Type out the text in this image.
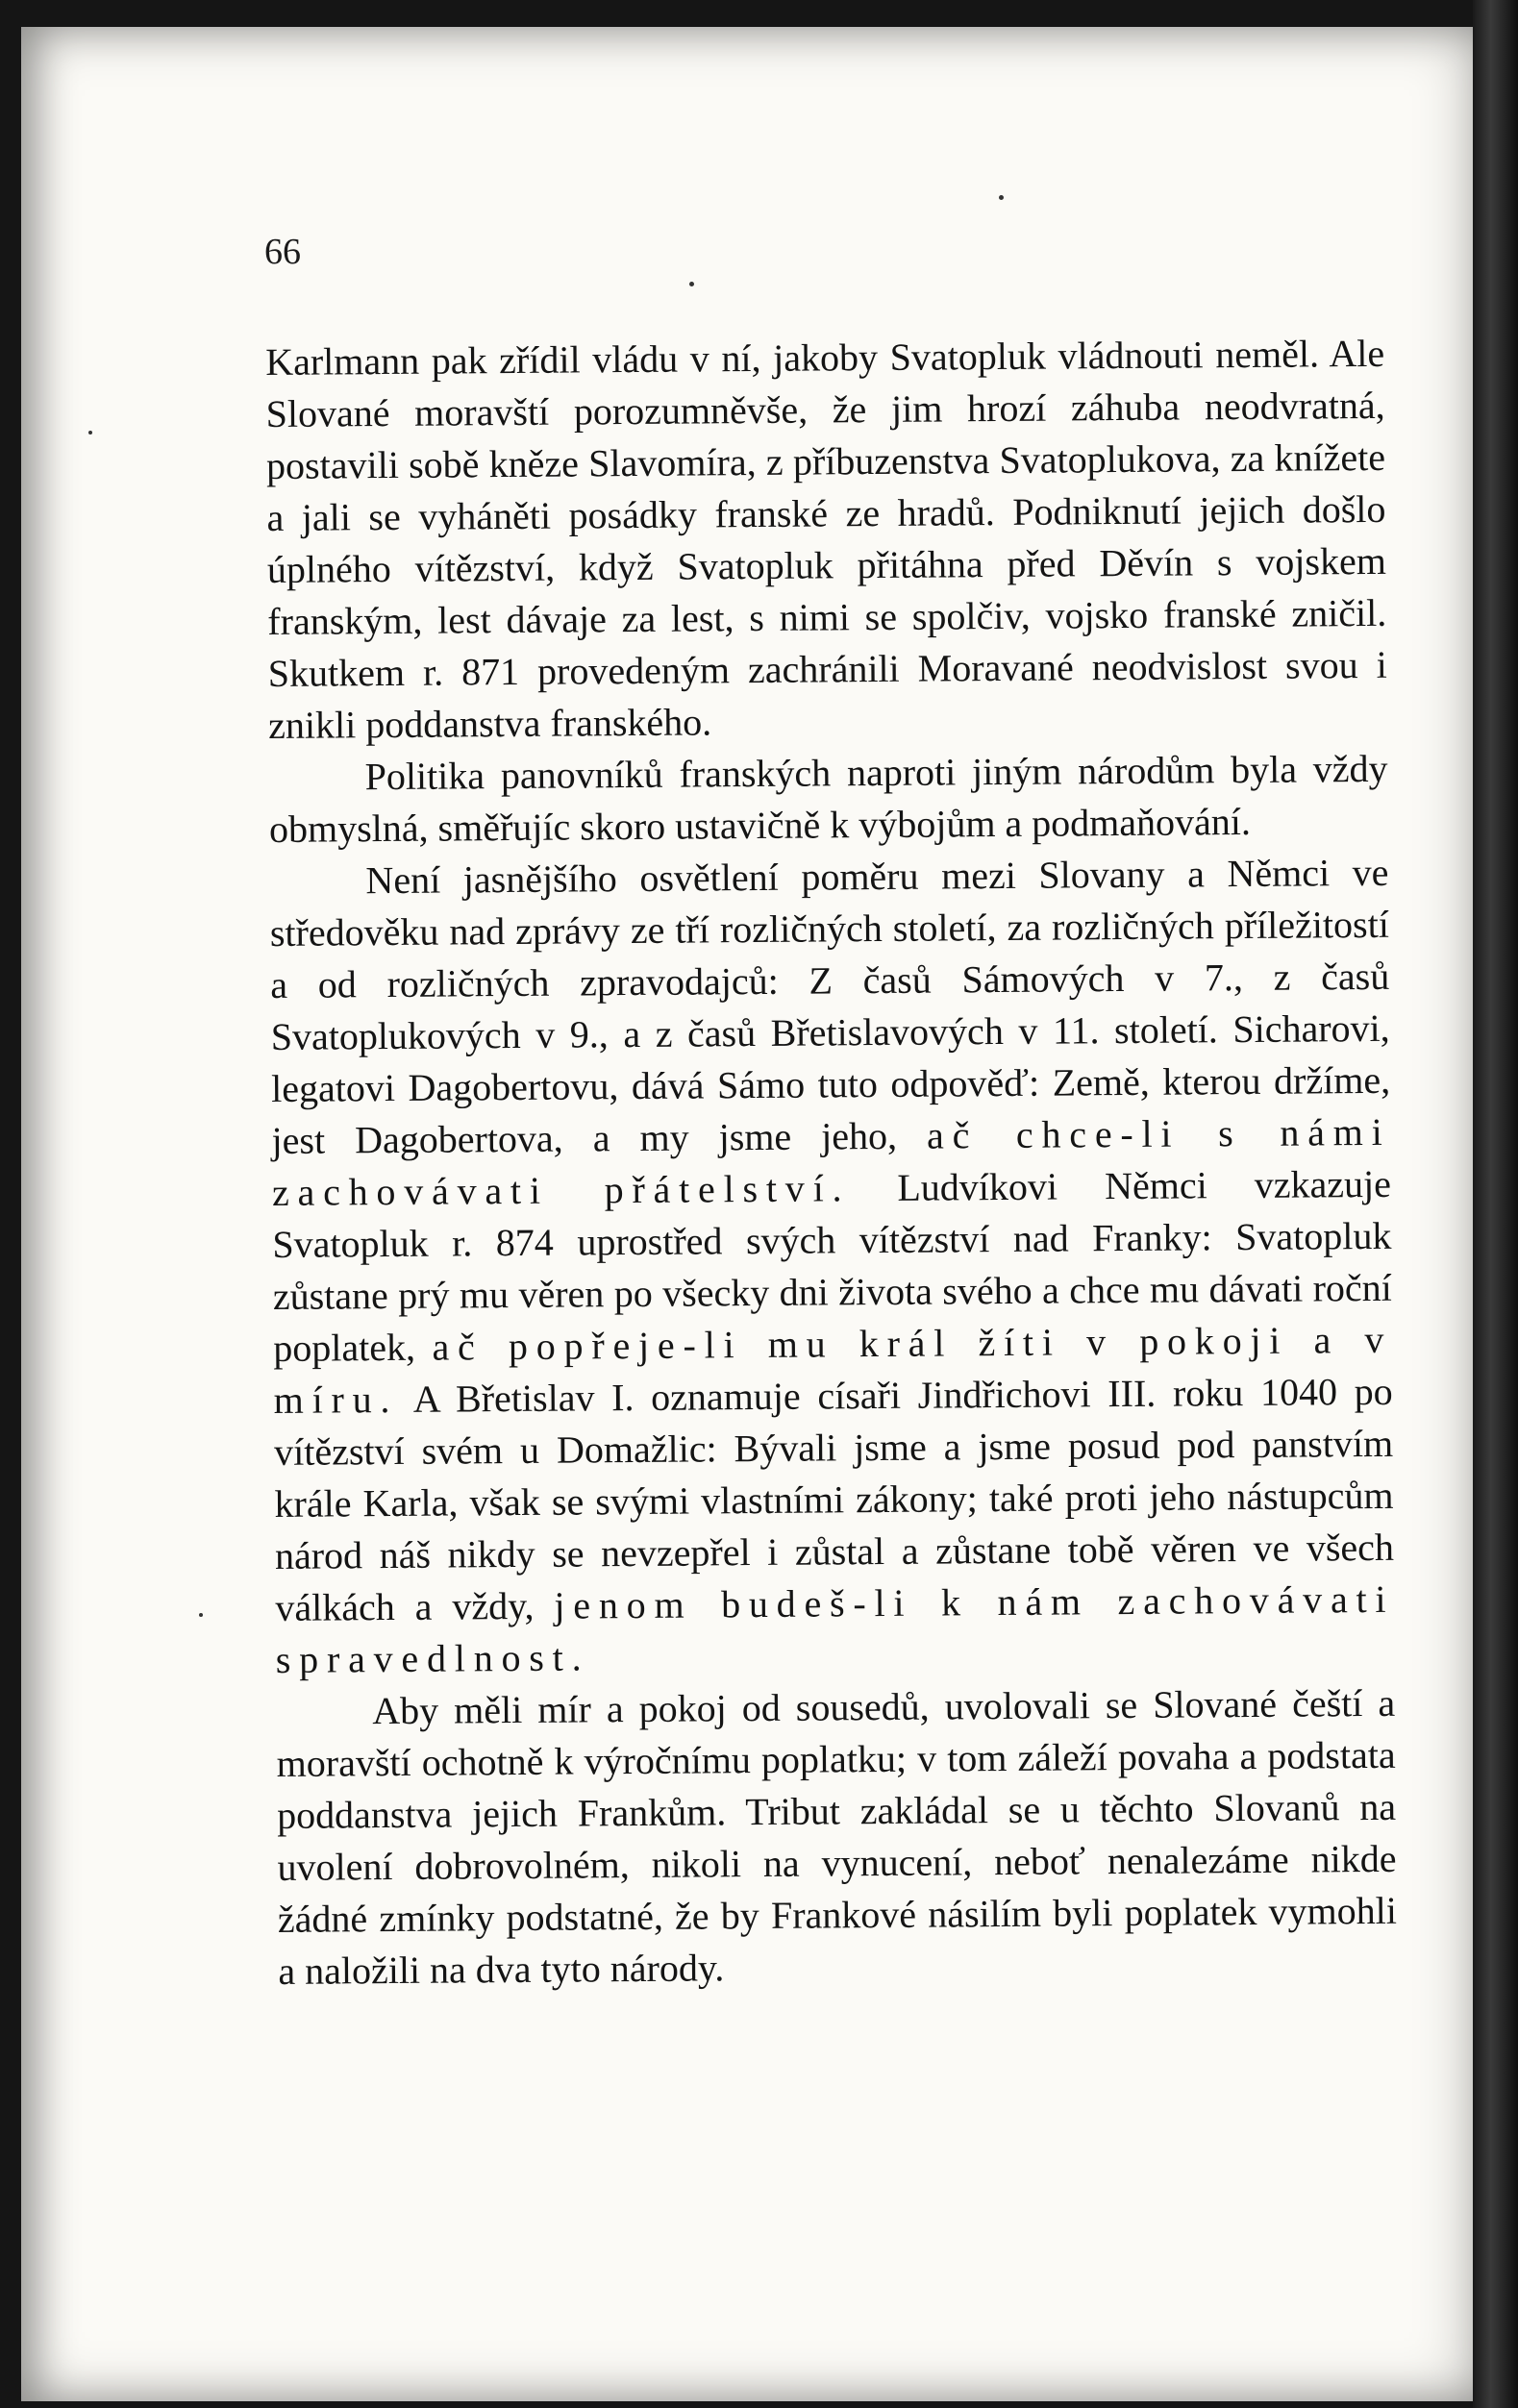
66

Karlmann pak zřídil vládu v ní, jakoby Svatopluk vládnouti neměl. Ale Slované moravští porozumněvše, že jim hrozí záhuba neodvratná, postavili sobě kněze Slavomíra, z příbuzenstva Svatoplukova, za knížete a jali se vyháněti posádky franské ze hradů. Podniknutí jejich došlo úplného vítězství, když Svatopluk přitáhna před Děvín s vojskem franským, lest dávaje za lest, s nimi se spolčiv, vojsko franské zničil. Skutkem r. 871 provedeným zachránili Moravané neodvislost svou i znikli poddanstva franského.

Politika panovníků franských naproti jiným národům byla vždy obmyslná, směřujíc skoro ustavičně k výbojům a podmaňování.

Není jasnějšího osvětlení poměru mezi Slovany a Němci ve středověku nad zprávy ze tří rozličných století, za rozličných příležitostí a od rozličných zpravodajců: Z časů Sámových v 7., z časů Svatoplukových v 9., a z časů Břetislavových v 11. století. Sicharovi, legatovi Dagobertovu, dává Sámo tuto odpověď: Země, kterou držíme, jest Dagobertova, a my jsme jeho, ač chce-li s námi zachovávati přátelství. Ludvíkovi Němci vzkazuje Svatopluk r. 874 uprostřed svých vítězství nad Franky: Svatopluk zůstane prý mu věren po všecky dni života svého a chce mu dávati roční poplatek, ač popřeje-li mu král žíti v pokoji a v míru. A Břetislav I. oznamuje císaři Jindřichovi III. roku 1040 po vítězství svém u Domažlic: Bývali jsme a jsme posud pod panstvím krále Karla, však se svými vlastními zákony; také proti jeho nástupcům národ náš nikdy se nevzepřel i zůstal a zůstane tobě věren ve všech válkách a vždy, jenom budeš-li k nám zachovávati spravedlnost.

Aby měli mír a pokoj od sousedů, uvolovali se Slované čeští a moravští ochotně k výročnímu poplatku; v tom záleží povaha a podstata poddanstva jejich Frankům. Tribut zakládal se u těchto Slovanů na uvolení dobrovolném, nikoli na vynucení, neboť nenalezáme nikde žádné zmínky podstatné, že by Frankové násilím byli poplatek vymohli a naložili na dva tyto národy.
